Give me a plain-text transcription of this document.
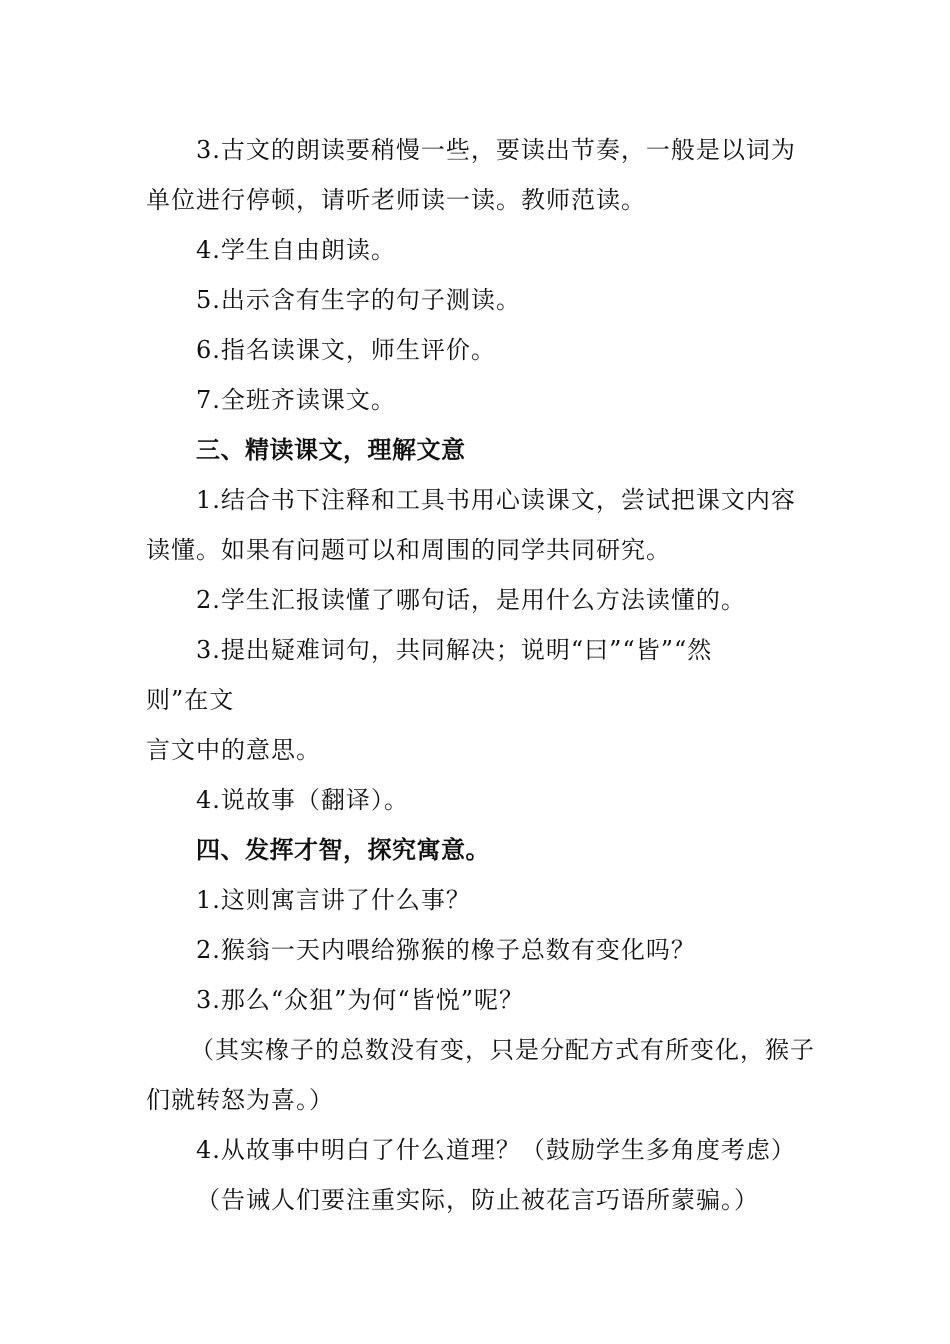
3.古文的朗读要稍慢一些，要读出节奏，一般是以词为
单位进行停顿，请听老师读一读。教师范读。
4.学生自由朗读。
5.出示含有生字的句子测读。
6.指名读课文，师生评价。
7.全班齐读课文。
三、精读课文，理解文意
1.结合书下注释和工具书用心读课文，尝试把课文内容
读懂。如果有问题可以和周围的同学共同研究。
2.学生汇报读懂了哪句话，是用什么方法读懂的。
3.提出疑难词句，共同解决；说明“曰”“皆”“然
则”在文
言文中的意思。
4.说故事（翻译）。
四、发挥才智，探究寓意。
1.这则寓言讲了什么事？
2.猴翁一天内喂给猕猴的橡子总数有变化吗？
3.那么“众狙”为何“皆悦”呢？
（其实橡子的总数没有变，只是分配方式有所变化，猴子
们就转怒为喜。）
4.从故事中明白了什么道理？（鼓励学生多角度考虑）
（告诫人们要注重实际，防止被花言巧语所蒙骗。）
